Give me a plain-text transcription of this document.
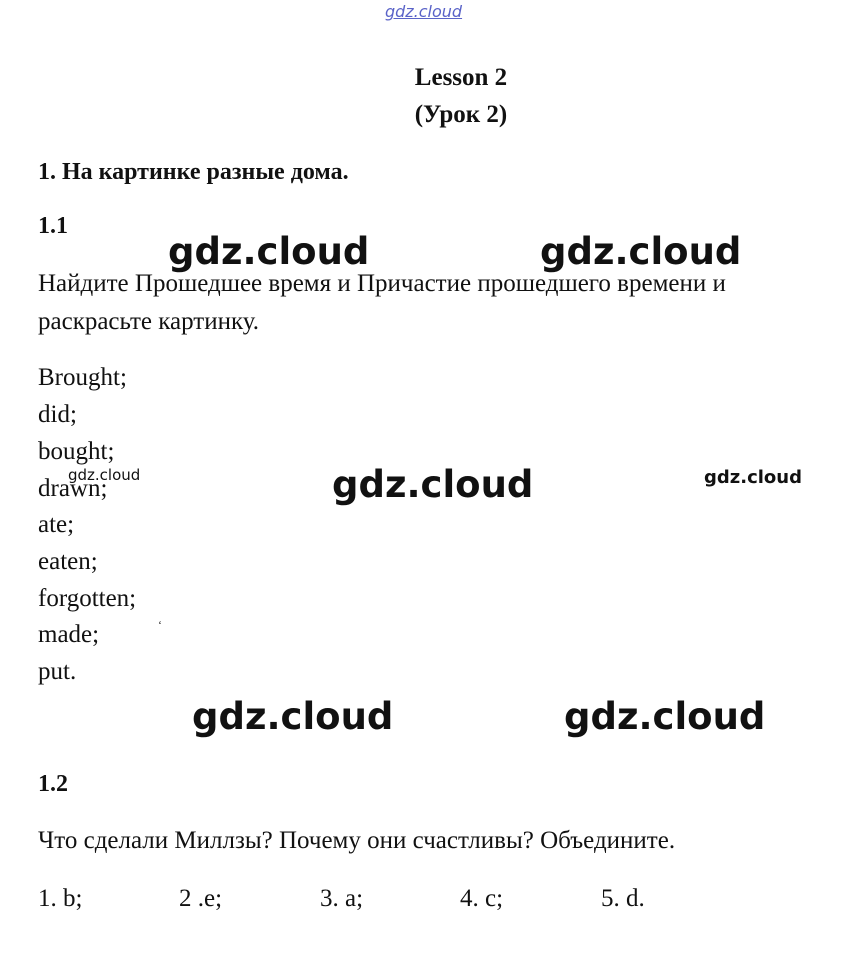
gdz.cloud
Lesson 2
(Урок 2)
1. На картинке разные дома.
1.1
gdz.cloud	gdz.cloud
Найдите Прошедшее время и Причастие прошедшего времени и
раскрасьте картинку.
Brought;
did;
bought;
drawn;
ate;
eaten;
forgotten;
made;
put.
gdz.cloud	gdz.cloud	gdz.cloud
‘
gdz.cloud	gdz.cloud
1.2
Что сделали Миллзы? Почему они счастливы? Объедините.
1. b;	2 .e;	3. a;	4. c;	5. d.
